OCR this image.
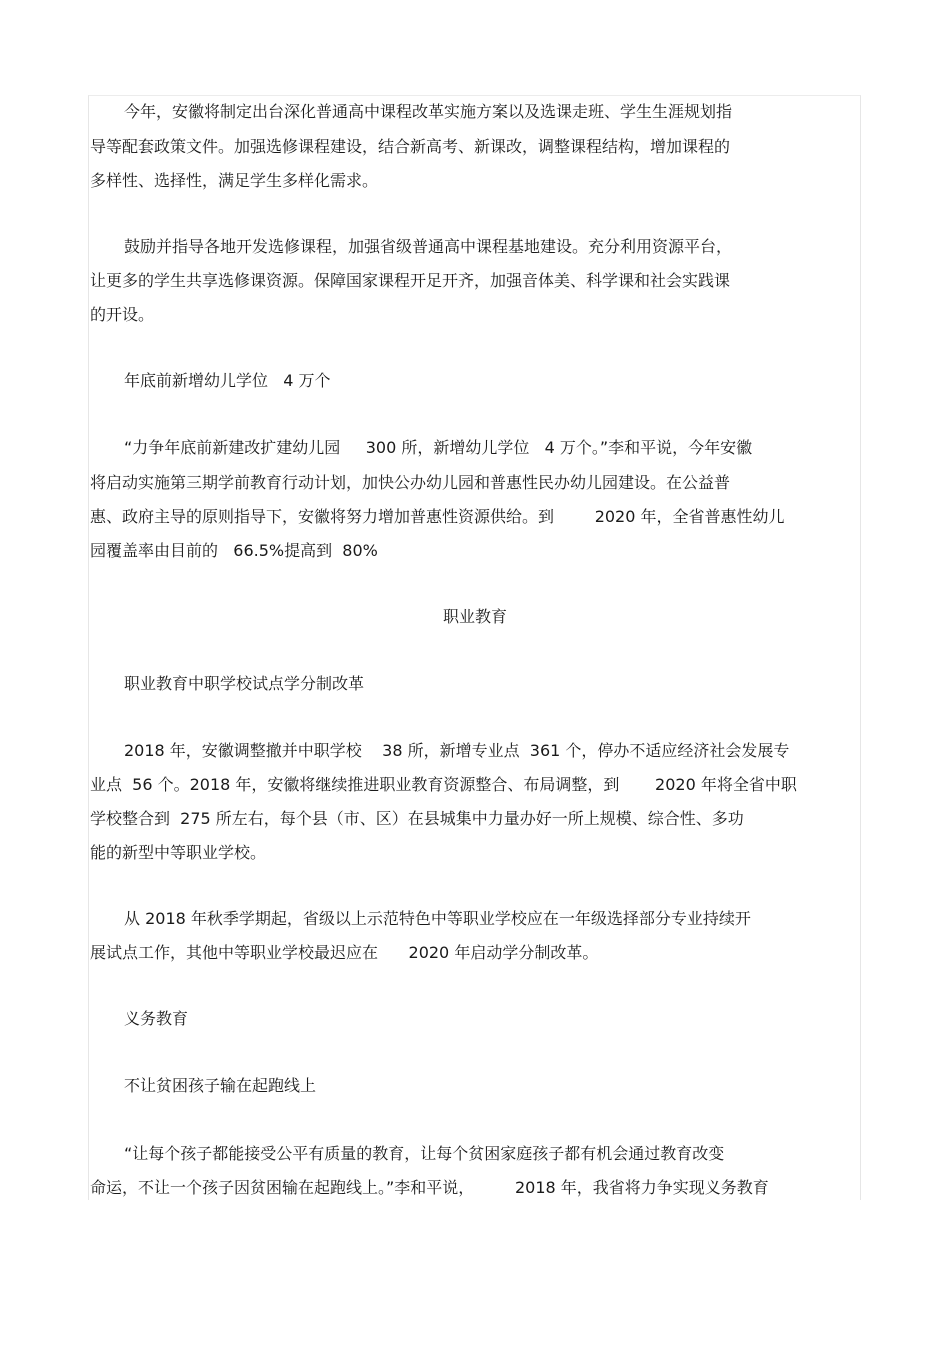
今年，安徽将制定出台深化普通高中课程改革实施方案以及选课走班、学生生涯规划指
导等配套政策文件。加强选修课程建设，结合新高考、新课改，调整课程结构，增加课程的
多样性、选择性，满足学生多样化需求。
鼓励并指导各地开发选修课程，加强省级普通高中课程基地建设。充分利用资源平台，
让更多的学生共享选修课资源。保障国家课程开足开齐，加强音体美、科学课和社会实践课
的开设。
年底前新增幼儿学位   4 万个
“力争年底前新建改扩建幼儿园     300 所，新增幼儿学位   4 万个。”李和平说，今年安徽
将启动实施第三期学前教育行动计划，加快公办幼儿园和普惠性民办幼儿园建设。在公益普
惠、政府主导的原则指导下，安徽将努力增加普惠性资源供给。到        2020 年，全省普惠性幼儿
园覆盖率由目前的   66.5%提高到  80%
职业教育
职业教育中职学校试点学分制改革
2018 年，安徽调整撤并中职学校    38 所，新增专业点  361 个，停办不适应经济社会发展专
业点  56 个。2018 年，安徽将继续推进职业教育资源整合、布局调整，到       2020 年将全省中职
学校整合到  275 所左右，每个县（市、区）在县城集中力量办好一所上规模、综合性、多功
能的新型中等职业学校。
从 2018 年秋季学期起，省级以上示范特色中等职业学校应在一年级选择部分专业持续开
展试点工作，其他中等职业学校最迟应在      2020 年启动学分制改革。
义务教育
不让贫困孩子输在起跑线上
“让每个孩子都能接受公平有质量的教育，让每个贫困家庭孩子都有机会通过教育改变
命运，不让一个孩子因贫困输在起跑线上。”李和平说，        2018 年，我省将力争实现义务教育
